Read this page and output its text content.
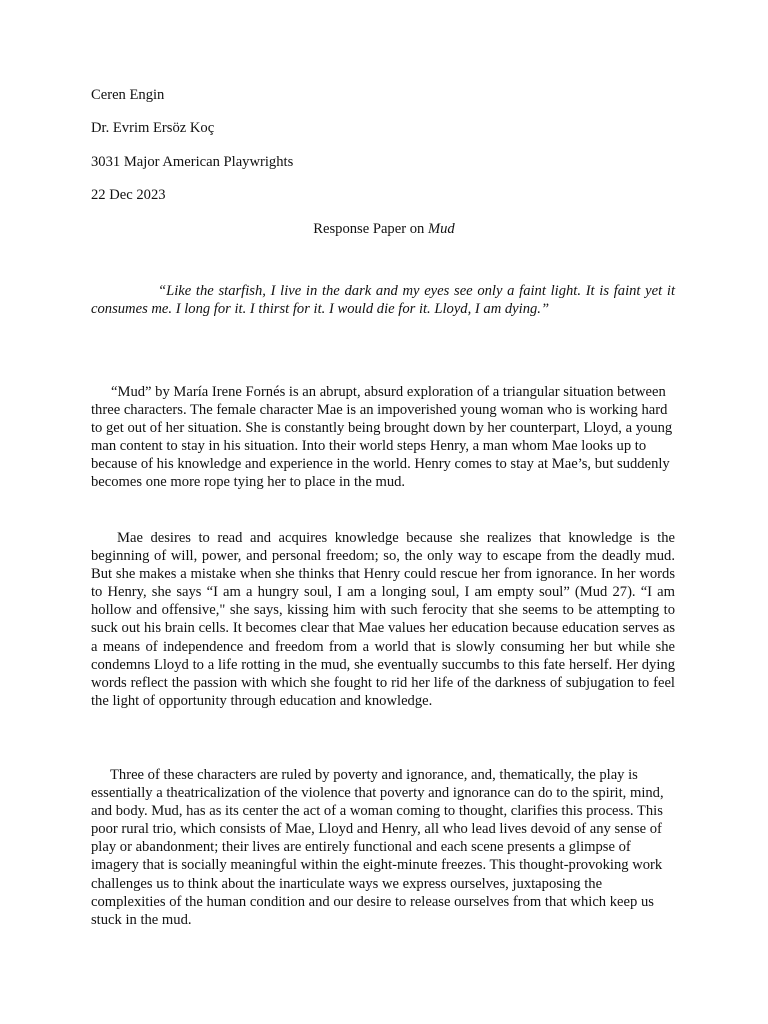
Ceren Engin
Dr. Evrim Ersöz Koç
3031 Major American Playwrights
22 Dec 2023
Response Paper on Mud
“Like the starfish, I live in the dark and my eyes see only a faint light. It is faint yet it consumes me. I long for it. I thirst for it. I would die for it. Lloyd, I am dying.”
“Mud” by María Irene Fornés is an abrupt, absurd exploration of a triangular situation between three characters. The female character Mae is an impoverished young woman who is working hard to get out of her situation. She is constantly being brought down by her counterpart, Lloyd, a young man content to stay in his situation. Into their world steps Henry, a man whom Mae looks up to because of his knowledge and experience in the world. Henry comes to stay at Mae’s, but suddenly becomes one more rope tying her to place in the mud.
Mae desires to read and acquires knowledge because she realizes that knowledge is the beginning of will, power, and personal freedom; so, the only way to escape from the deadly mud. But she makes a mistake when she thinks that Henry could rescue her from ignorance. In her words to Henry, she says “I am a hungry soul, I am a longing soul, I am empty soul” (Mud 27). “I am hollow and offensive," she says, kissing him with such ferocity that she seems to be attempting to suck out his brain cells. It becomes clear that Mae values her education because education serves as a means of independence and freedom from a world that is slowly consuming her but while she condemns Lloyd to a life rotting in the mud, she eventually succumbs to this fate herself. Her dying words reflect the passion with which she fought to rid her life of the darkness of subjugation to feel the light of opportunity through education and knowledge.
Three of these characters are ruled by poverty and ignorance, and, thematically, the play is essentially a theatricalization of the violence that poverty and ignorance can do to the spirit, mind, and body. Mud, has as its center the act of a woman coming to thought, clarifies this process. This poor rural trio, which consists of Mae, Lloyd and Henry, all who lead lives devoid of any sense of play or abandonment; their lives are entirely functional and each scene presents a glimpse of imagery that is socially meaningful within the eight-minute freezes. This thought-provoking work challenges us to think about the inarticulate ways we express ourselves, juxtaposing the complexities of the human condition and our desire to release ourselves from that which keep us stuck in the mud.
